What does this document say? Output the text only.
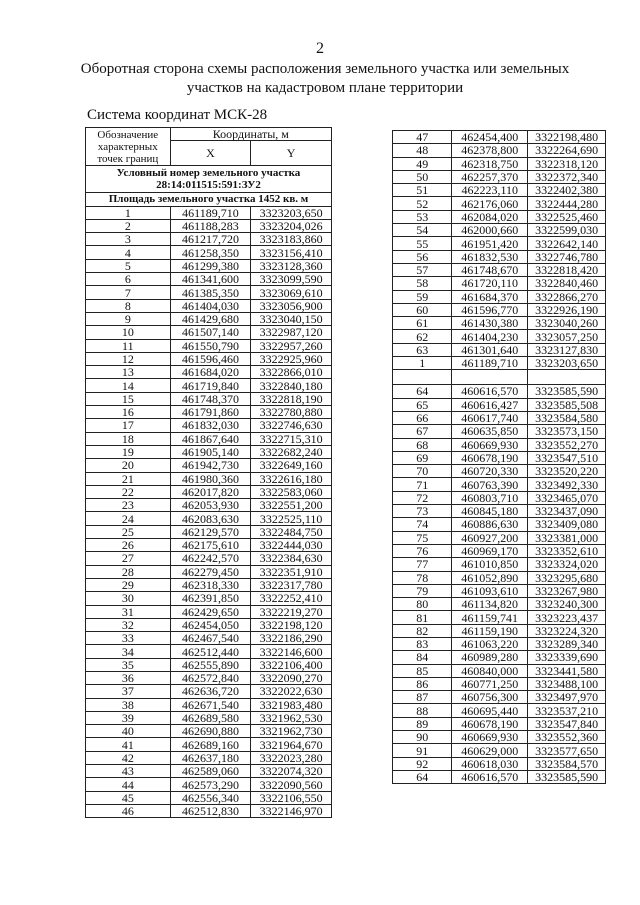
2
Оборотная сторона схемы расположения земельного участка или земельных
участков на кадастровом плане территории
Система координат МСК-28
Обозначение характерных точек границ	Координаты, м	
	X	Y

Условный номер земельного участка
28:14:011515:591:ЗУ2		

Площадь земельного участка 1452 кв. м		
1	461189,710	3323203,650
2	461188,283	3323204,026
3	461217,720	3323183,860
4	461258,350	3323156,410
5	461299,380	3323128,360
6	461341,600	3323099,590
7	461385,350	3323069,610
8	461404,030	3323056,900
9	461429,680	3323040,150
10	461507,140	3322987,120
11	461550,790	3322957,260
12	461596,460	3322925,960
13	461684,020	3322866,010
14	461719,840	3322840,180
15	461748,370	3322818,190
16	461791,860	3322780,880
17	461832,030	3322746,630
18	461867,640	3322715,310
19	461905,140	3322682,240
20	461942,730	3322649,160
21	461980,360	3322616,180
22	462017,820	3322583,060
23	462053,930	3322551,200
24	462083,630	3322525,110
25	462129,570	3322484,750
26	462175,610	3322444,030
27	462242,570	3322384,630
28	462279,450	3322351,910
29	462318,330	3322317,780
30	462391,850	3322252,410
31	462429,650	3322219,270
32	462454,050	3322198,120
33	462467,540	3322186,290
34	462512,440	3322146,600
35	462555,890	3322106,400
36	462572,840	3322090,270
37	462636,720	3322022,630
38	462671,540	3321983,480
39	462689,580	3321962,530
40	462690,880	3321962,730
41	462689,160	3321964,670
42	462637,180	3322023,280
43	462589,060	3322074,320
44	462573,290	3322090,560
45	462556,340	3322106,550
46	462512,830	3322146,970
47	462454,400	3322198,480
48	462378,800	3322264,690
49	462318,750	3322318,120
50	462257,370	3322372,340
51	462223,110	3322402,380
52	462176,060	3322444,280
53	462084,020	3322525,460
54	462000,660	3322599,030
55	461951,420	3322642,140
56	461832,530	3322746,780
57	461748,670	3322818,420
58	461720,110	3322840,460
59	461684,370	3322866,270
60	461596,770	3322926,190
61	461430,380	3323040,260
62	461404,230	3323057,250
63	461301,640	3323127,830
1	461189,710	3323203,650

64	460616,570	3323585,590
65	460616,427	3323585,508
66	460617,740	3323584,580
67	460635,850	3323573,150
68	460669,930	3323552,270
69	460678,190	3323547,510
70	460720,330	3323520,220
71	460763,390	3323492,330
72	460803,710	3323465,070
73	460845,180	3323437,090
74	460886,630	3323409,080
75	460927,200	3323381,000
76	460969,170	3323352,610
77	461010,850	3323324,020
78	461052,890	3323295,680
79	461093,610	3323267,980
80	461134,820	3323240,300
81	461159,741	3323223,437
82	461159,190	3323224,320
83	461063,220	3323289,340
84	460989,280	3323339,690
85	460840,000	3323441,580
86	460771,250	3323488,100
87	460756,300	3323497,970
88	460695,440	3323537,210
89	460678,190	3323547,840
90	460669,930	3323552,360
91	460629,000	3323577,650
92	460618,030	3323584,570
64	460616,570	3323585,590
